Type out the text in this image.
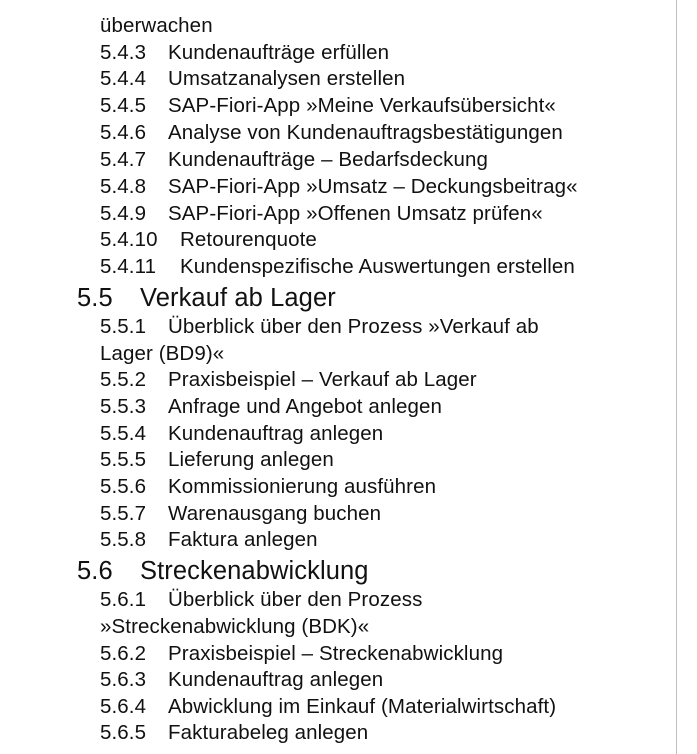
überwachen
5.4.3 Kundenaufträge erfüllen
5.4.4 Umsatzanalysen erstellen
5.4.5 SAP-Fiori-App »Meine Verkaufsübersicht«
5.4.6 Analyse von Kundenauftragsbestätigungen
5.4.7 Kundenaufträge – Bedarfsdeckung
5.4.8 SAP-Fiori-App »Umsatz – Deckungsbeitrag«
5.4.9 SAP-Fiori-App »Offenen Umsatz prüfen«
5.4.10 Retourenquote
5.4.11 Kundenspezifische Auswertungen erstellen
5.5 Verkauf ab Lager
5.5.1 Überblick über den Prozess »Verkauf ab
Lager (BD9)«
5.5.2 Praxisbeispiel – Verkauf ab Lager
5.5.3 Anfrage und Angebot anlegen
5.5.4 Kundenauftrag anlegen
5.5.5 Lieferung anlegen
5.5.6 Kommissionierung ausführen
5.5.7 Warenausgang buchen
5.5.8 Faktura anlegen
5.6 Streckenabwicklung
5.6.1 Überblick über den Prozess
»Streckenabwicklung (BDK)«
5.6.2 Praxisbeispiel – Streckenabwicklung
5.6.3 Kundenauftrag anlegen
5.6.4 Abwicklung im Einkauf (Materialwirtschaft)
5.6.5 Fakturabeleg anlegen
